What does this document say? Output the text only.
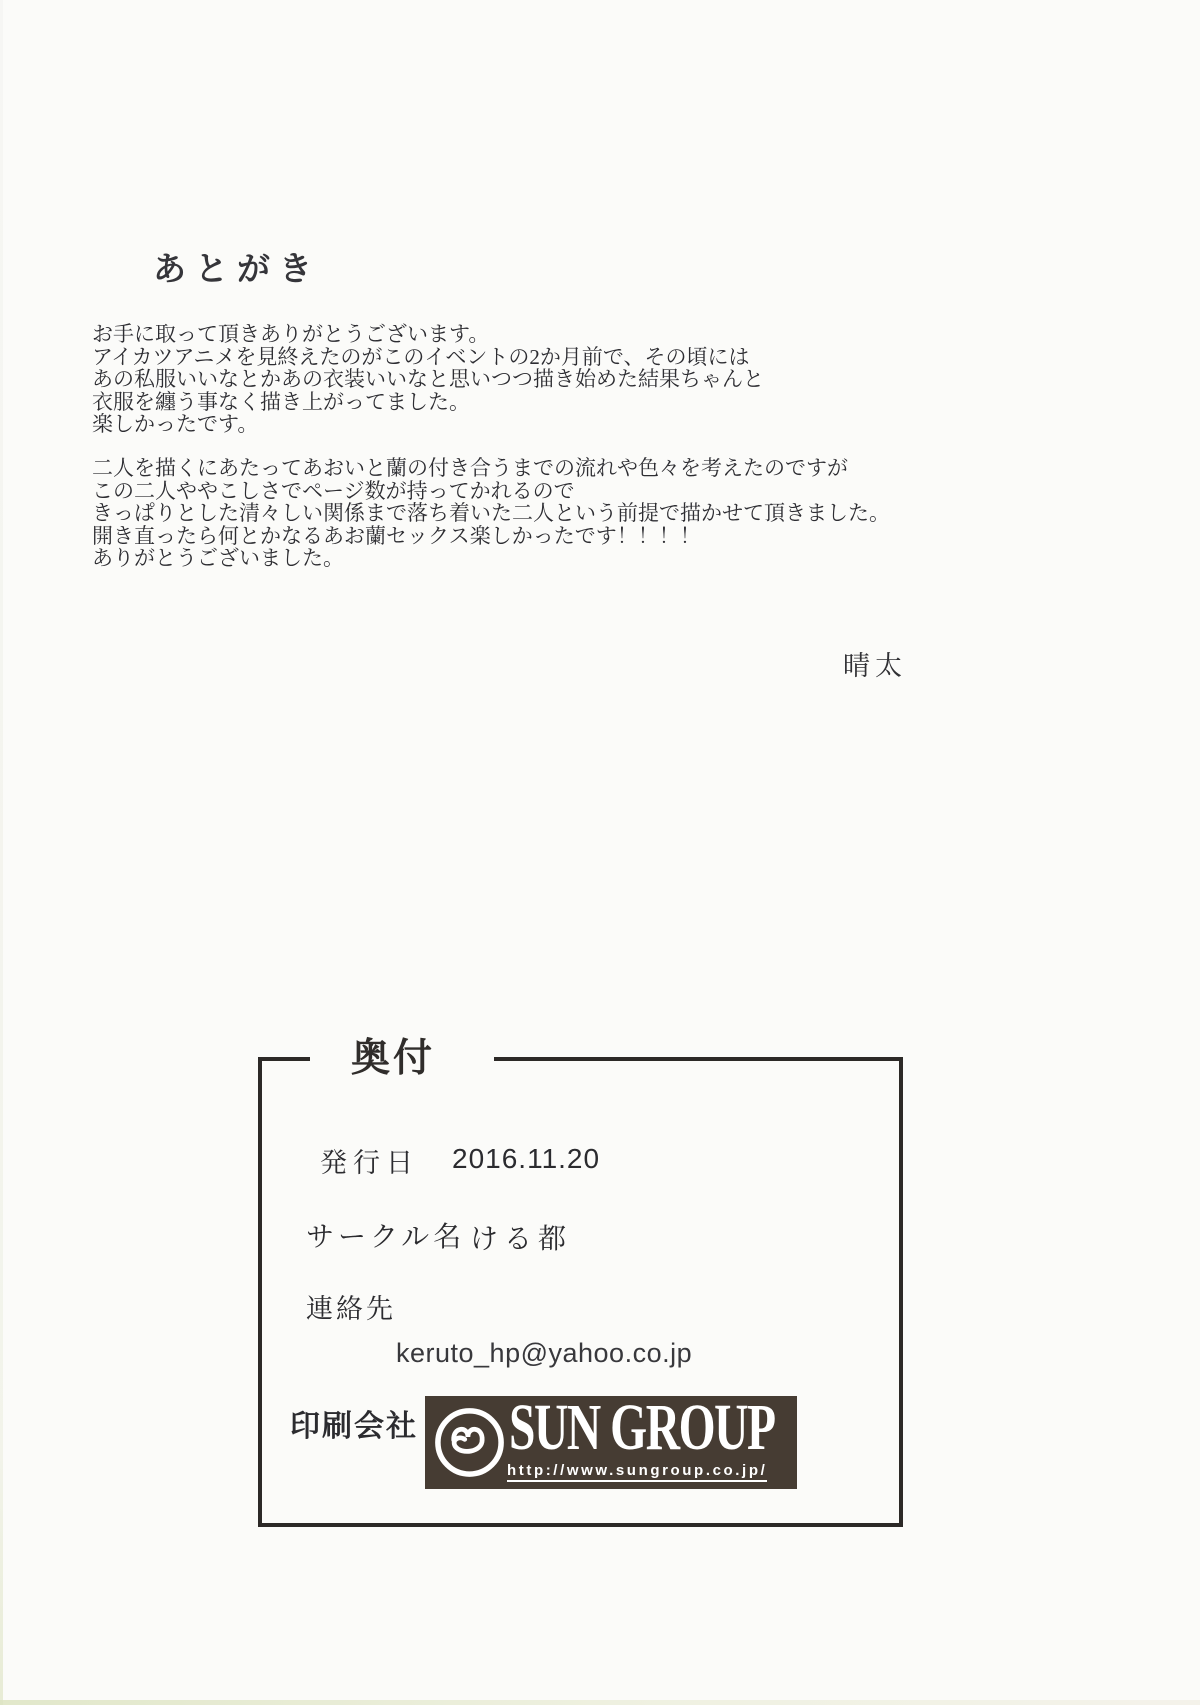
あとがき
お手に取って頂きありがとうございます。
アイカツアニメを見終えたのがこのイベントの2か月前で、その頃には
あの私服いいなとかあの衣装いいなと思いつつ描き始めた結果ちゃんと
衣服を纏う事なく描き上がってました。
楽しかったです。
二人を描くにあたってあおいと蘭の付き合うまでの流れや色々を考えたのですが
この二人ややこしさでページ数が持ってかれるので
きっぱりとした清々しい関係まで落ち着いた二人という前提で描かせて頂きました。
開き直ったら何とかなるあお蘭セックス楽しかったです！！！！
ありがとうございました。
晴太
奥付
発行日 2016.11.20
サークル名 ける都
連絡先
keruto_hp@yahoo.co.jp
印刷会社 SUN GROUP
http://www.sungroup.co.jp/
